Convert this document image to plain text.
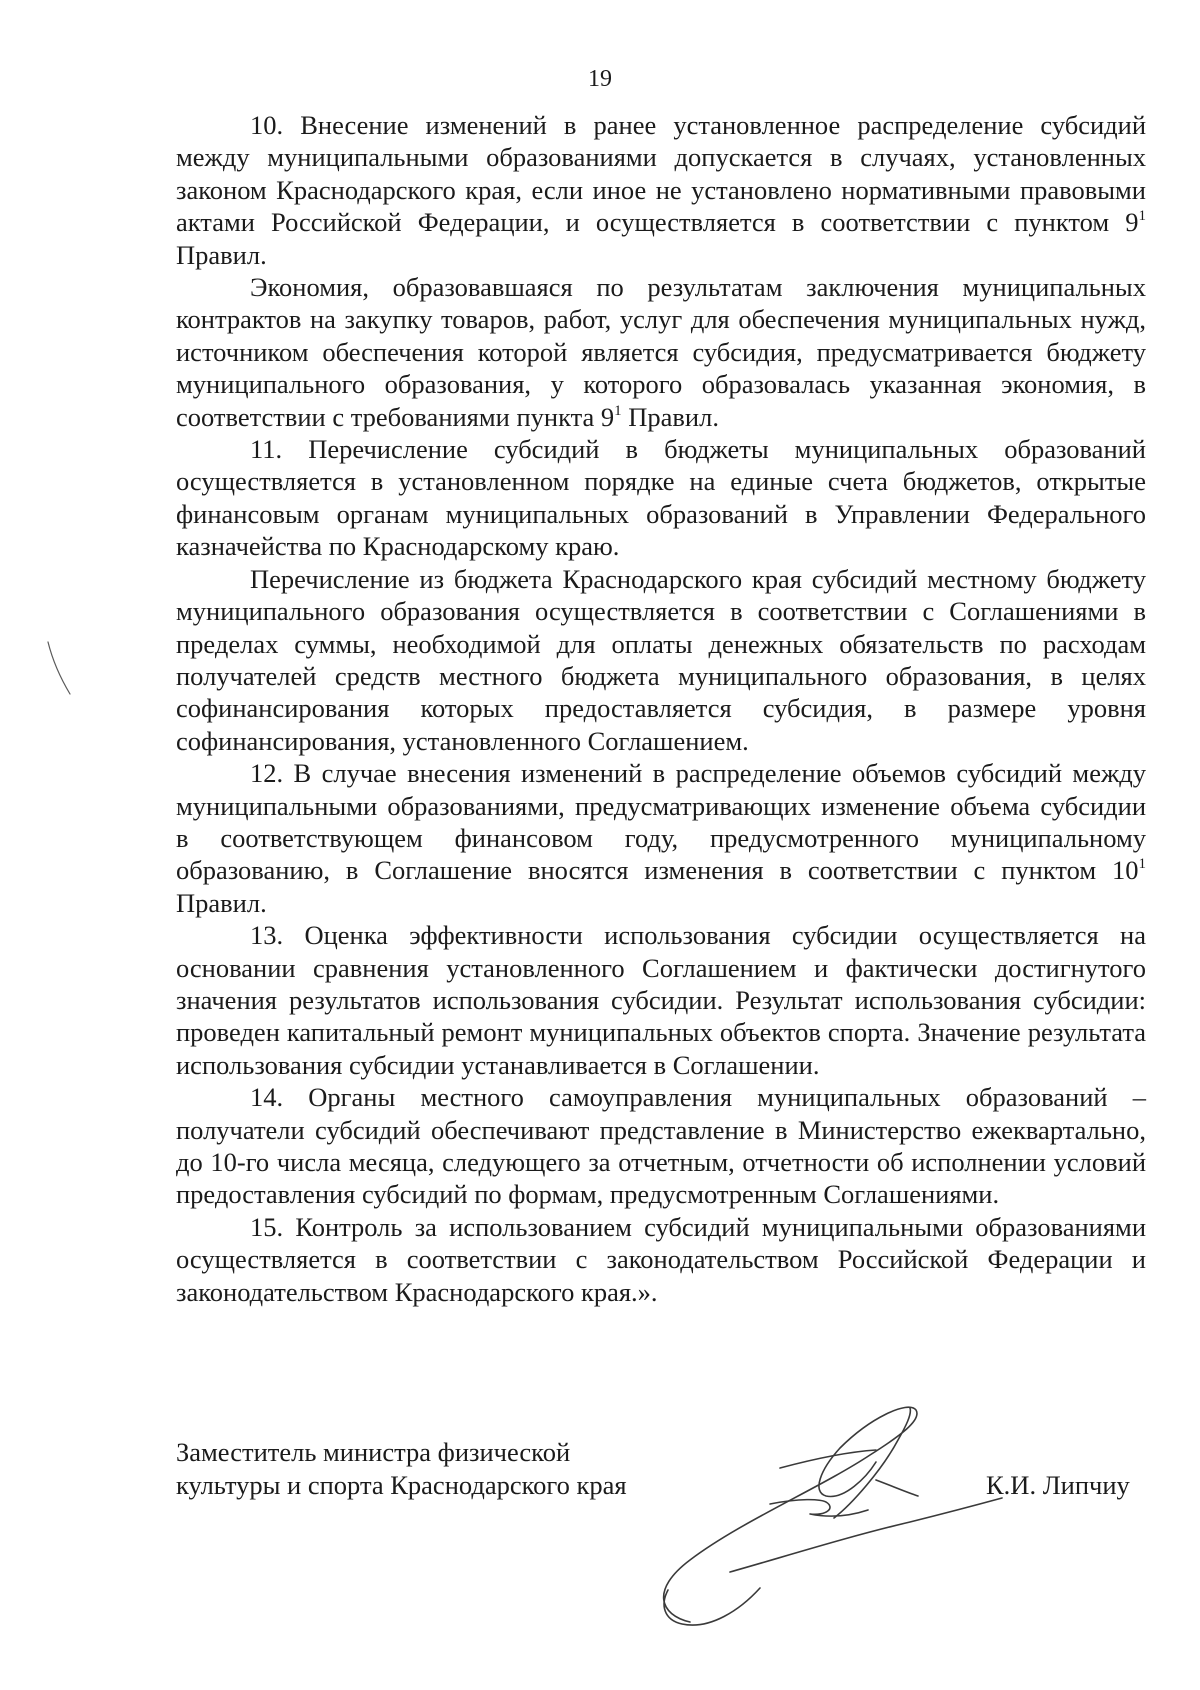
19

10. Внесение изменений в ранее установленное распределение субсидий между муниципальными образованиями допускается в случаях, установленных законом Краснодарского края, если иное не установлено нормативными правовыми актами Российской Федерации, и осуществляется в соответствии с пунктом $9^1$ Правил.

Экономия, образовавшаяся по результатам заключения муниципальных контрактов на закупку товаров, работ, услуг для обеспечения муниципальных нужд, источником обеспечения которой является субсидия, предусматривается бюджету муниципального образования, у которого образовалась указанная экономия, в соответствии с требованиями пункта $9^1$ Правил.

11. Перечисление субсидий в бюджеты муниципальных образований осуществляется в установленном порядке на единые счета бюджетов, открытые финансовым органам муниципальных образований в Управлении Федерального казначейства по Краснодарскому краю.

Перечисление из бюджета Краснодарского края субсидий местному бюджету муниципального образования осуществляется в соответствии с Соглашениями в пределах суммы, необходимой для оплаты денежных обязательств по расходам получателей средств местного бюджета муниципального образования, в целях софинансирования которых предоставляется субсидия, в размере уровня софинансирования, установленного Соглашением.

12. В случае внесения изменений в распределение объемов субсидий между муниципальными образованиями, предусматривающих изменение объема субсидии в соответствующем финансовом году, предусмотренного муниципальному образованию, в Соглашение вносятся изменения в соответствии с пунктом $10^1$ Правил.

13. Оценка эффективности использования субсидии осуществляется на основании сравнения установленного Соглашением и фактически достигнутого значения результатов использования субсидии. Результат использования субсидии: проведен капитальный ремонт муниципальных объектов спорта. Значение результата использования субсидии устанавливается в Соглашении.

14. Органы местного самоуправления муниципальных образований – получатели субсидий обеспечивают представление в Министерство ежеквартально, до 10-го числа месяца, следующего за отчетным, отчетности об исполнении условий предоставления субсидий по формам, предусмотренным Соглашениями.

15. Контроль за использованием субсидий муниципальными образованиями осуществляется в соответствии с законодательством Российской Федерации и законодательством Краснодарского края.».

Заместитель министра физической
культуры и спорта Краснодарского края	К.И. Липчиу
